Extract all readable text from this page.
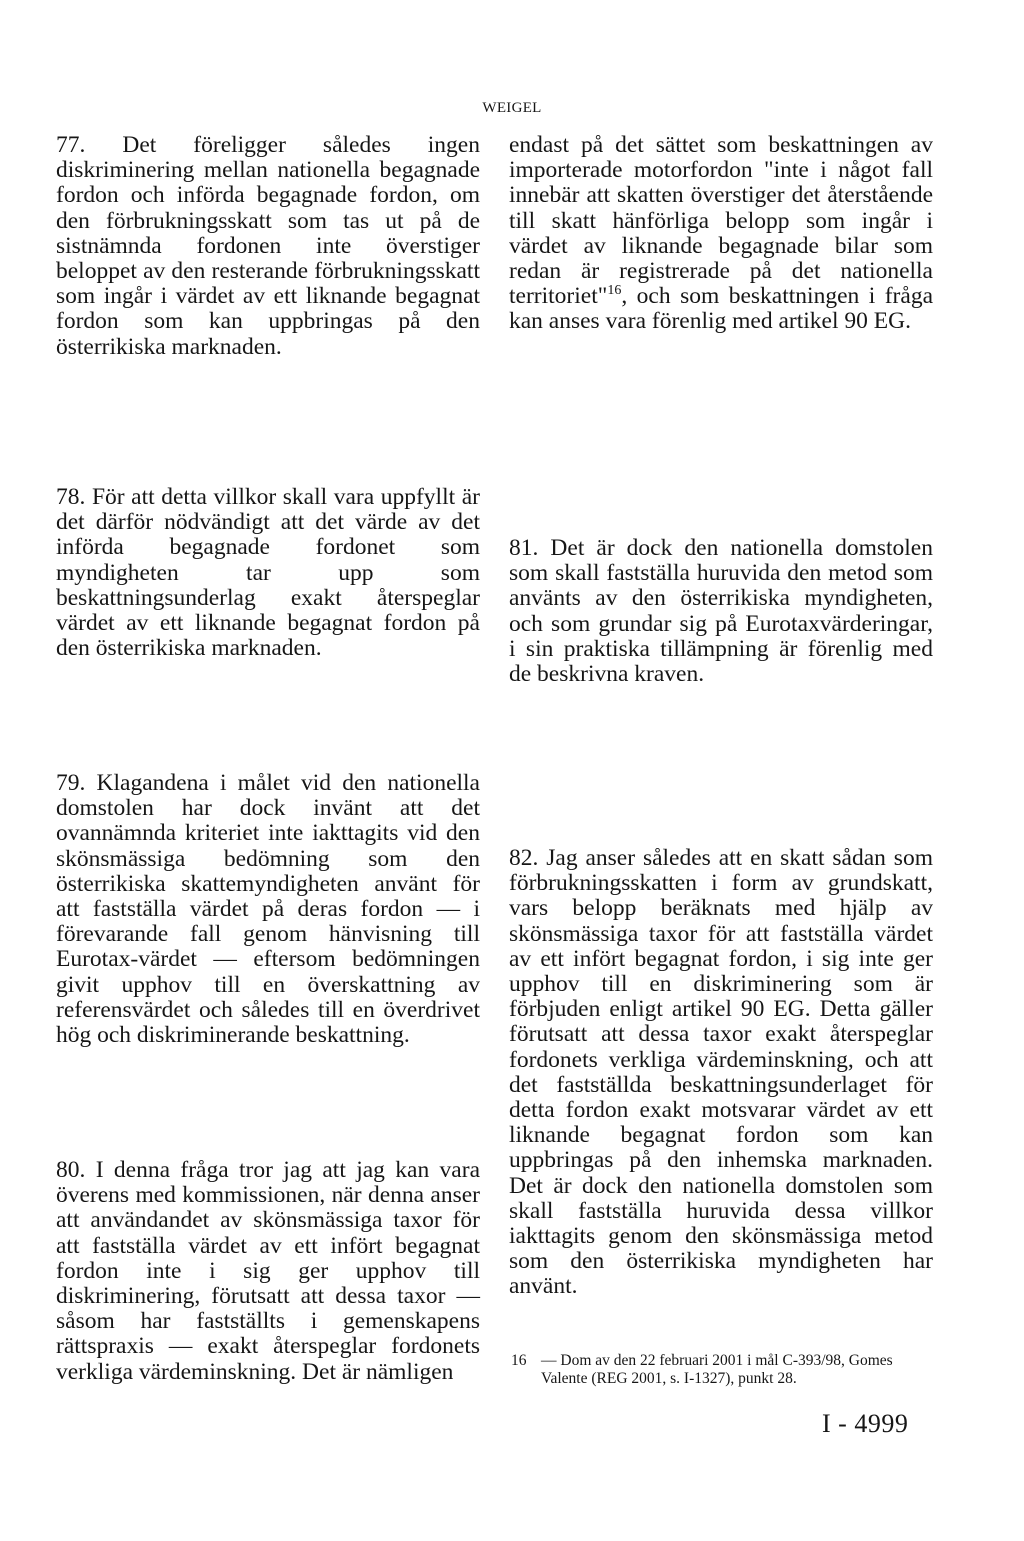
WEIGEL

77. Det föreligger således ingen diskriminering mellan nationella begagnade fordon och införda begagnade fordon, om den förbrukningsskatt som tas ut på de sistnämnda fordonen inte överstiger beloppet av den resterande förbrukningsskatt som ingår i värdet av ett liknande begagnat fordon som kan uppbringas på den österrikiska marknaden.

78. För att detta villkor skall vara uppfyllt är det därför nödvändigt att det värde av det införda begagnade fordonet som myndigheten tar upp som beskattningsunderlag exakt återspeglar värdet av ett liknande begagnat fordon på den österrikiska marknaden.

79. Klagandena i målet vid den nationella domstolen har dock invänt att det ovannämnda kriteriet inte iakttagits vid den skönsmässiga bedömning som den österrikiska skattemyndigheten använt för att fastställa värdet på deras fordon — i förevarande fall genom hänvisning till Eurotax-värdet — eftersom bedömningen givit upphov till en överskattning av referensvärdet och således till en överdrivet hög och diskriminerande beskattning.

80. I denna fråga tror jag att jag kan vara överens med kommissionen, när denna anser att användandet av skönsmässiga taxor för att fastställa värdet av ett infört begagnat fordon inte i sig ger upphov till diskriminering, förutsatt att dessa taxor — såsom har fastställts i gemenskapens rättspraxis — exakt återspeglar fordonets verkliga värdeminskning. Det är nämligen

endast på det sättet som beskattningen av importerade motorfordon "inte i något fall innebär att skatten överstiger det återstående till skatt hänförliga belopp som ingår i värdet av liknande begagnade bilar som redan är registrerade på det nationella territoriet"$^{16}$, och som beskattningen i fråga kan anses vara förenlig med artikel 90 EG.

81. Det är dock den nationella domstolen som skall fastställa huruvida den metod som använts av den österrikiska myndigheten, och som grundar sig på Eurotaxvärderingar, i sin praktiska tillämpning är förenlig med de beskrivna kraven.

82. Jag anser således att en skatt sådan som förbrukningsskatten i form av grundskatt, vars belopp beräknats med hjälp av skönsmässiga taxor för att fastställa värdet av ett infört begagnat fordon, i sig inte ger upphov till en diskriminering som är förbjuden enligt artikel 90 EG. Detta gäller förutsatt att dessa taxor exakt återspeglar fordonets verkliga värdeminskning, och att det fastställda beskattningsunderlaget för detta fordon exakt motsvarar värdet av ett liknande begagnat fordon som kan uppbringas på den inhemska marknaden. Det är dock den nationella domstolen som skall fastställa huruvida dessa villkor iakttagits genom den skönsmässiga metod som den österrikiska myndigheten har använt.

16 — Dom av den 22 februari 2001 i mål C-393/98, Gomes Valente (REG 2001, s. I-1327), punkt 28.
I - 4999
